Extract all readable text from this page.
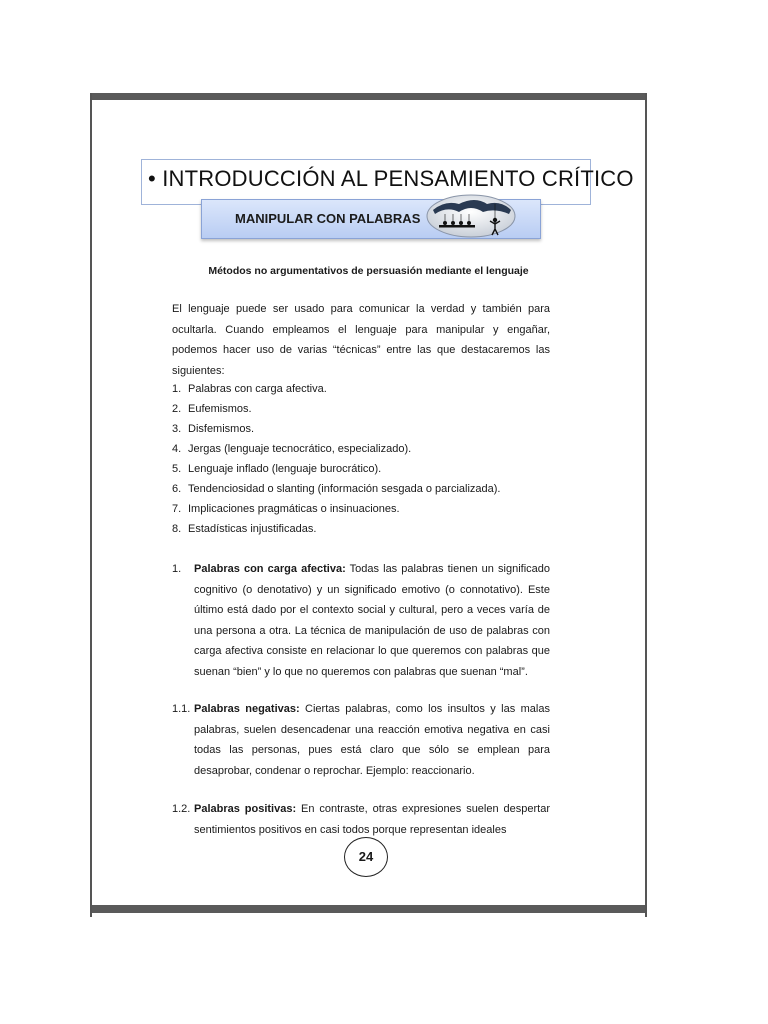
• INTRODUCCIÓN AL PENSAMIENTO CRÍTICO
MANIPULAR CON PALABRAS
Métodos no argumentativos de persuasión mediante el lenguaje
El lenguaje puede ser usado para comunicar la verdad y también para ocultarla. Cuando empleamos el lenguaje para manipular y engañar, podemos hacer uso de varias “técnicas” entre las que destacaremos las siguientes:
1. Palabras con carga afectiva.
2. Eufemismos.
3. Disfemismos.
4. Jergas (lenguaje tecnocrático, especializado).
5. Lenguaje inflado (lenguaje burocrático).
6. Tendenciosidad o slanting (información sesgada o parcializada).
7. Implicaciones pragmáticas o insinuaciones.
8. Estadísticas injustificadas.
1. Palabras con carga afectiva: Todas las palabras tienen un significado cognitivo (o denotativo) y un significado emotivo (o connotativo). Este último está dado por el contexto social y cultural, pero a veces varía de una persona a otra. La técnica de manipulación de uso de palabras con carga afectiva consiste en relacionar lo que queremos con palabras que suenan “bien” y lo que no queremos con palabras que suenan “mal”.
1.1. Palabras negativas: Ciertas palabras, como los insultos y las malas palabras, suelen desencadenar una reacción emotiva negativa en casi todas las personas, pues está claro que sólo se emplean para desaprobar, condenar o reprochar. Ejemplo: reaccionario.
1.2. Palabras positivas: En contraste, otras expresiones suelen despertar sentimientos positivos en casi todos porque representan ideales
24
